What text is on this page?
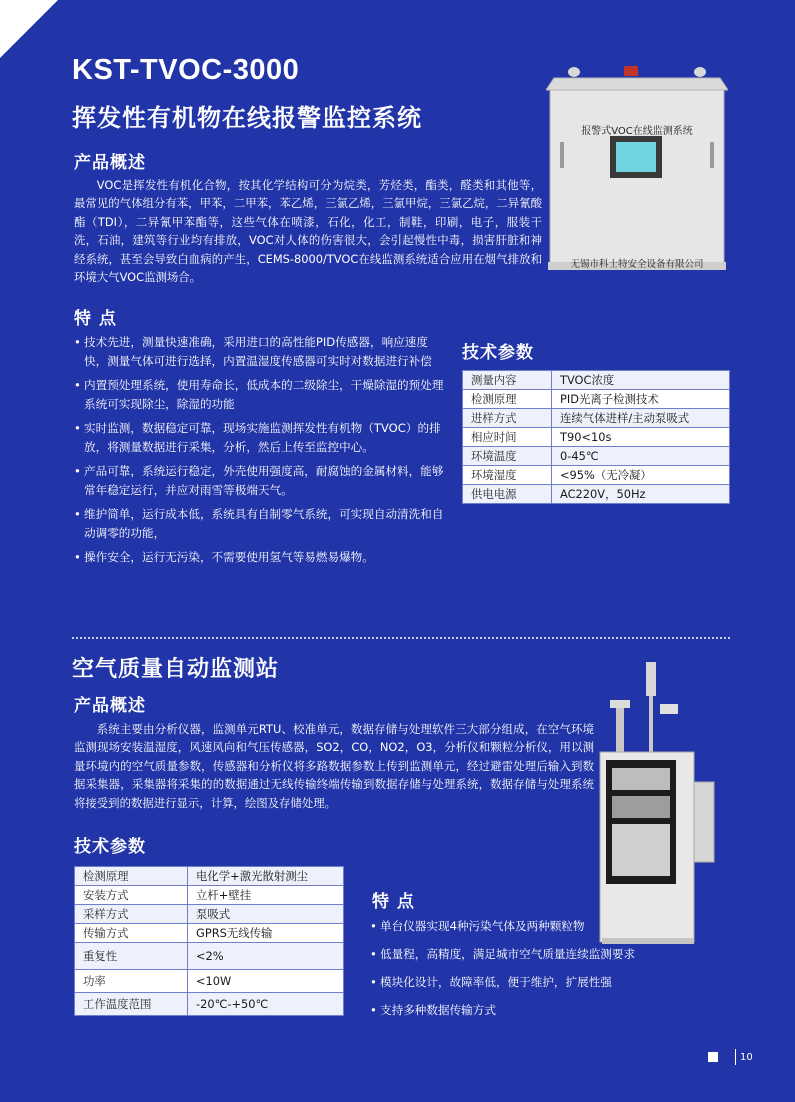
KST-TVOC-3000
挥发性有机物在线报警监控系统
产品概述
VOC是挥发性有机化合物，按其化学结构可分为烷类，芳烃类，酯类，醛类和其他等，最常见的气体组分有苯，甲苯，二甲苯，苯乙烯，三氯乙烯，三氯甲烷，三氯乙烷，二异氰酸酯（TDI），二异氰甲苯酯等，这些气体在喷漆，石化，化工，制鞋，印刷，电子，服装干洗，石油，建筑等行业均有排放，VOC对人体的伤害很大，会引起慢性中毒，损害肝脏和神经系统，甚至会导致白血病的产生，CEMS-8000/TVOC在线监测系统适合应用在烟气排放和环境大气VOC监测场合。
报警式VOC在线监测系统
无锡市科士特安全设备有限公司
特 点
• 技术先进，测量快速准确，采用进口的高性能PID传感器，响应速度快，测量气体可进行选择，内置温湿度传感器可实时对数据进行补偿
• 内置预处理系统，使用寿命长，低成本的二级除尘，干燥除湿的预处理系统可实现除尘，除湿的功能
• 实时监测，数据稳定可靠，现场实施监测挥发性有机物（TVOC）的排放，将测量数据进行采集，分析，然后上传至监控中心。
• 产品可靠，系统运行稳定，外壳使用强度高，耐腐蚀的金属材料，能够常年稳定运行，并应对雨雪等极端天气。
• 维护简单，运行成本低，系统具有自制零气系统，可实现自动清洗和自动调零的功能，
• 操作安全，运行无污染，不需要使用氢气等易燃易爆物。
技术参数
测量内容	TVOC浓度
检测原理	PID光离子检测技术
进样方式	连续气体进样/主动泵吸式
相应时间	T90<10s
环境温度	0-45℃
环境湿度	<95%（无冷凝）
供电电源	AC220V，50Hz
空气质量自动监测站
产品概述
系统主要由分析仪器，监测单元RTU、校准单元，数据存储与处理软件三大部分组成，在空气环境监测现场安装温湿度，风速风向和气压传感器，SO2，CO，NO2，O3，分析仪和颗粒分析仪，用以测量环境内的空气质量参数，传感器和分析仪将多路数据参数上传到监测单元，经过避雷处理后输入到数据采集器，采集器将采集的的数据通过无线传输终端传输到数据存储与处理系统，数据存储与处理系统将接受到的数据进行显示，计算，绘图及存储处理。
技术参数
检测原理	电化学+激光散射测尘
安装方式	立杆+壁挂
采样方式	泵吸式
传输方式	GPRS无线传输
重复性	<2%
功率	<10W
工作温度范围	-20℃-+50℃
特 点
• 单台仪器实现4种污染气体及两种颗粒物
• 低量程，高精度，满足城市空气质量连续监测要求
• 模块化设计，故障率低，便于维护，扩展性强
• 支持多种数据传输方式
10
